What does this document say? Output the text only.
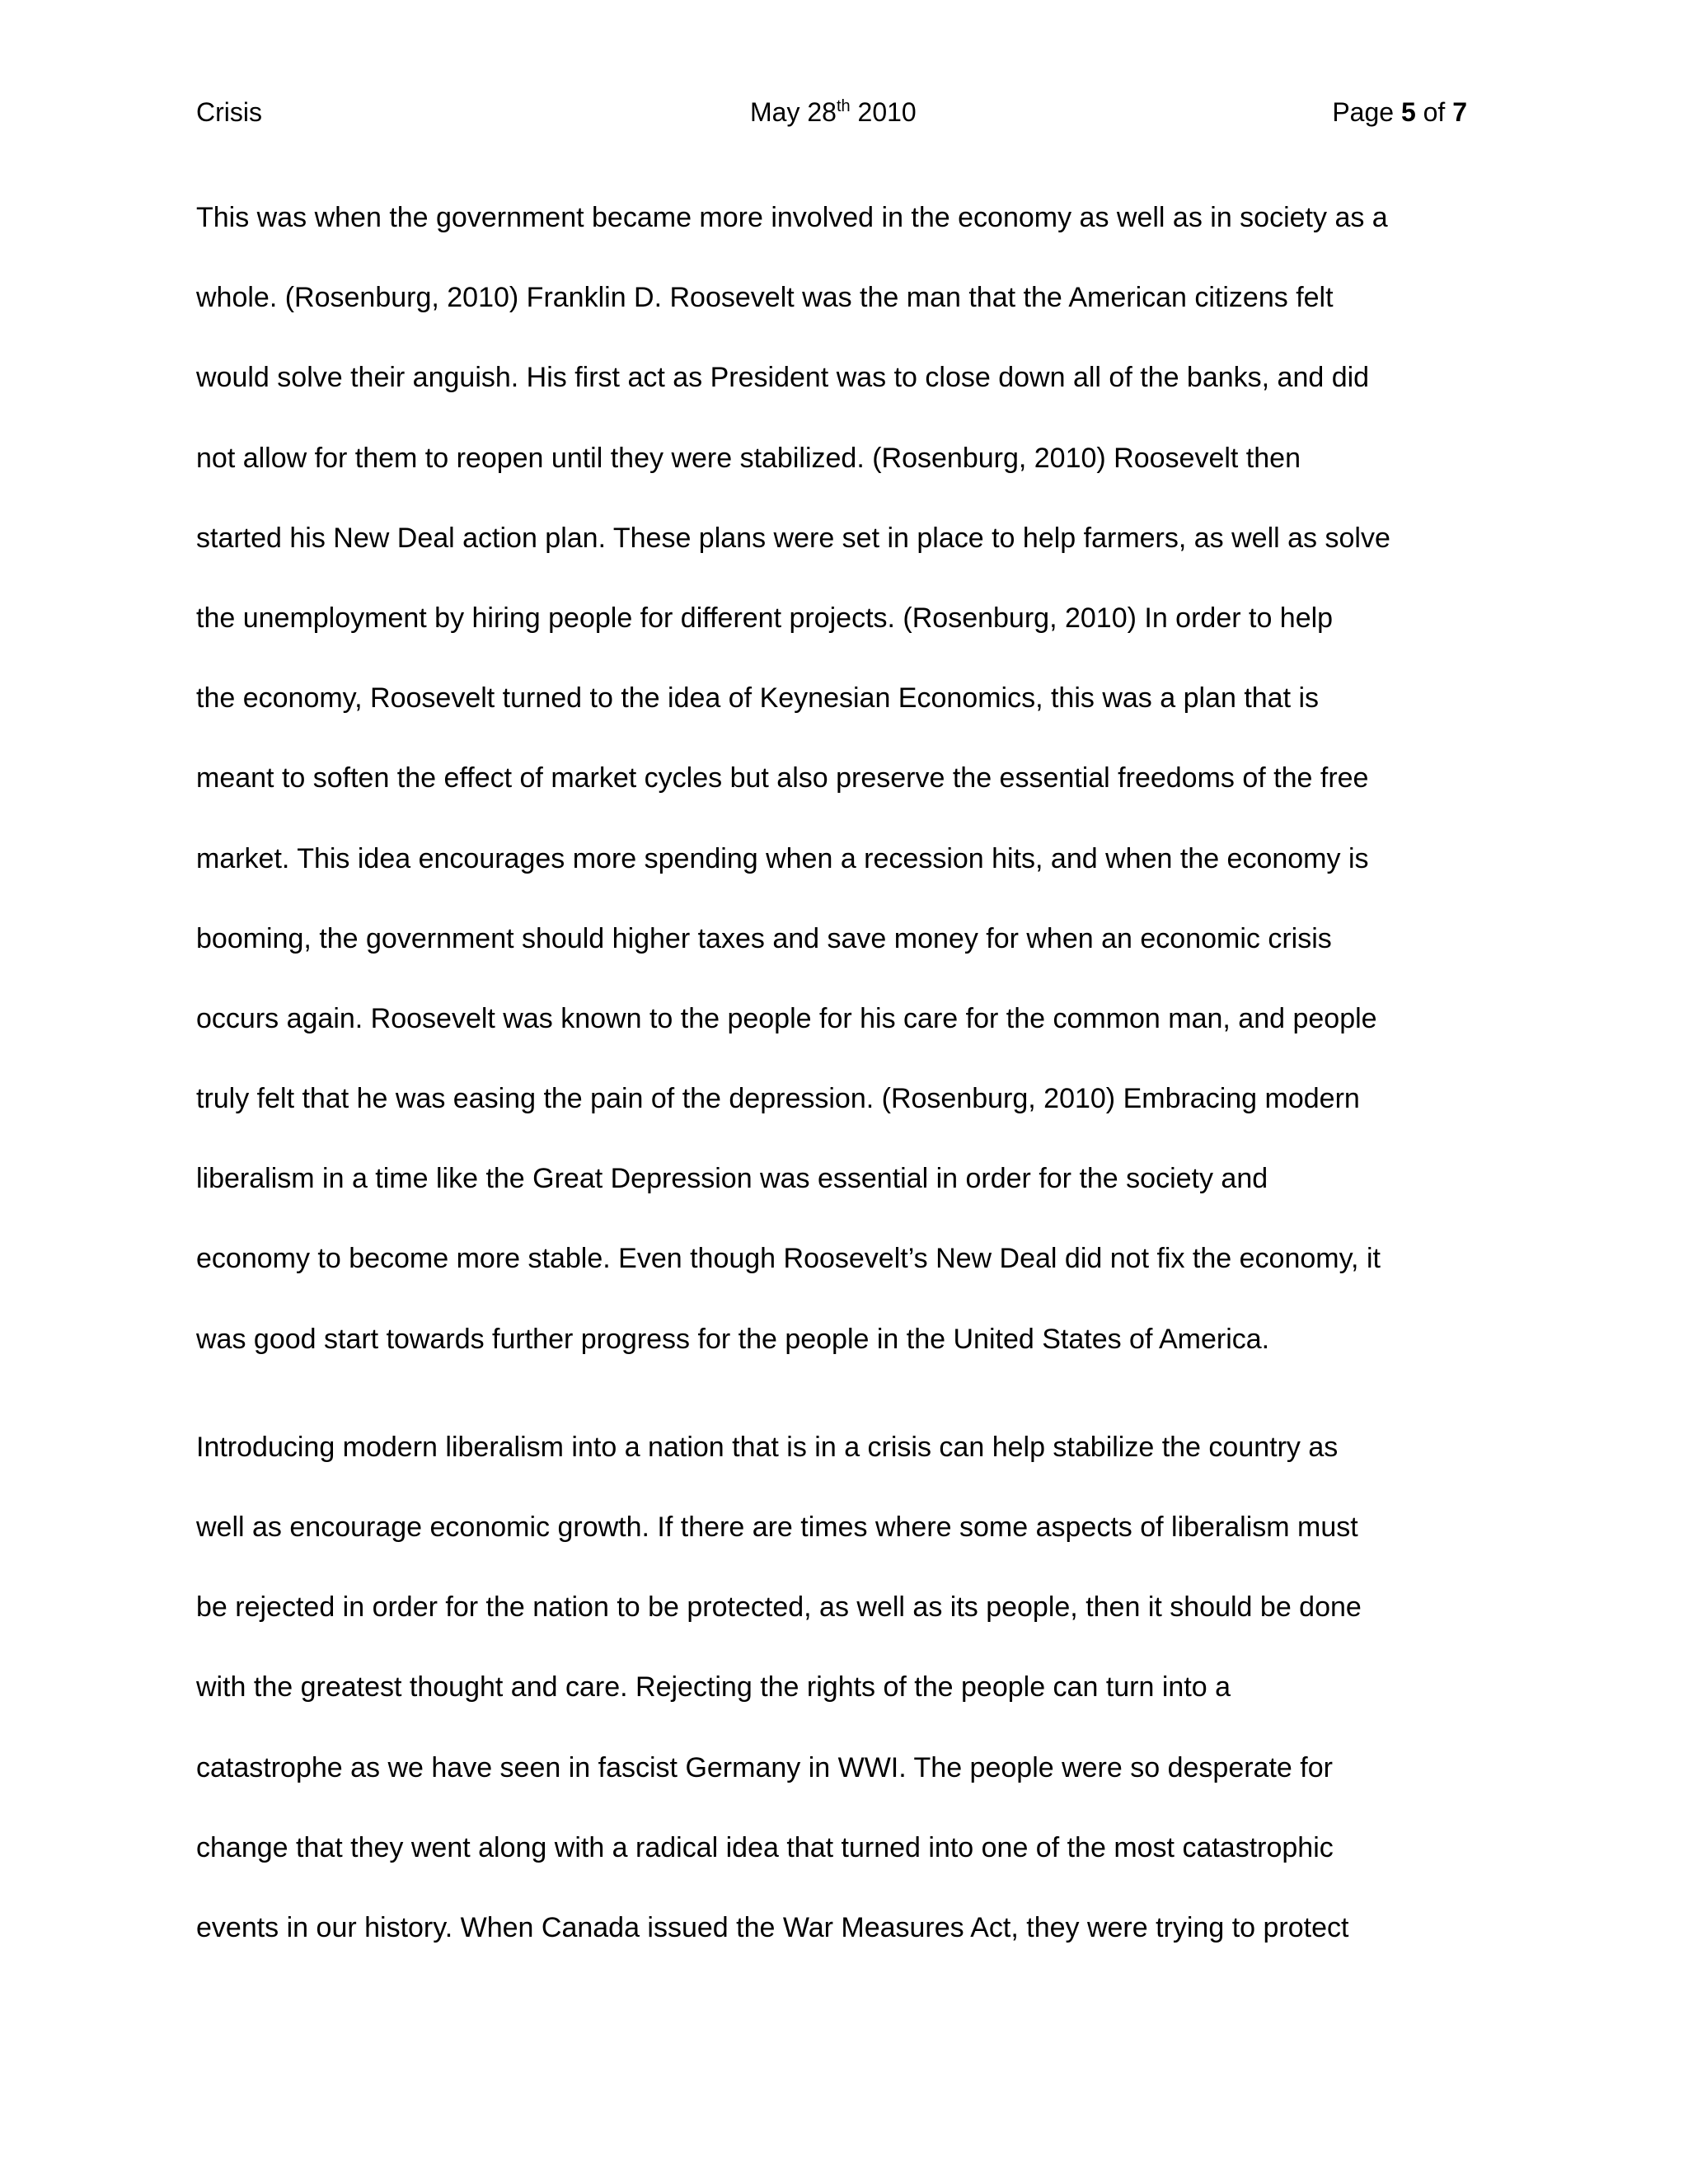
Crisis	May 28th 2010	Page 5 of 7
This was when the government became more involved in the economy as well as in society as a
whole. (Rosenburg, 2010) Franklin D. Roosevelt was the man that the American citizens felt
would solve their anguish. His first act as President was to close down all of the banks, and did
not allow for them to reopen until they were stabilized. (Rosenburg, 2010) Roosevelt then
started his New Deal action plan. These plans were set in place to help farmers, as well as solve
the unemployment by hiring people for different projects. (Rosenburg, 2010) In order to help
the economy, Roosevelt turned to the idea of Keynesian Economics, this was a plan that is
meant to soften the effect of market cycles but also preserve the essential freedoms of the free
market. This idea encourages more spending when a recession hits, and when the economy is
booming, the government should higher taxes and save money for when an economic crisis
occurs again. Roosevelt was known to the people for his care for the common man, and people
truly felt that he was easing the pain of the depression. (Rosenburg, 2010) Embracing modern
liberalism in a time like the Great Depression was essential in order for the society and
economy to become more stable. Even though Roosevelt’s New Deal did not fix the economy, it
was good start towards further progress for the people in the United States of America.
Introducing modern liberalism into a nation that is in a crisis can help stabilize the country as
well as encourage economic growth. If there are times where some aspects of liberalism must
be rejected in order for the nation to be protected, as well as its people, then it should be done
with the greatest thought and care. Rejecting the rights of the people can turn into a
catastrophe as we have seen in fascist Germany in WWI. The people were so desperate for
change that they went along with a radical idea that turned into one of the most catastrophic
events in our history. When Canada issued the War Measures Act, they were trying to protect
